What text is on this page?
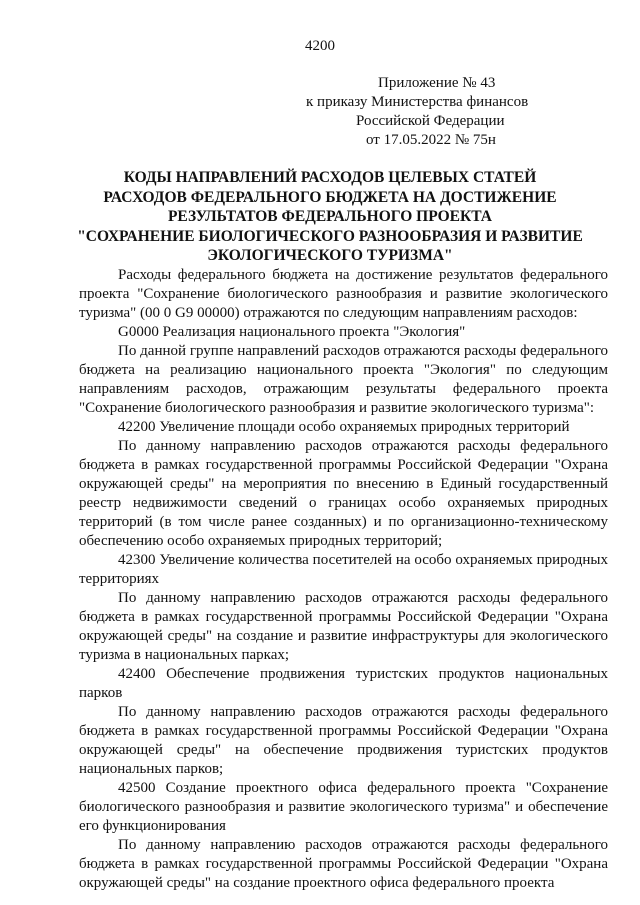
4200
Приложение № 43
к приказу Министерства финансов
Российской Федерации
от 17.05.2022 № 75н
КОДЫ НАПРАВЛЕНИЙ РАСХОДОВ ЦЕЛЕВЫХ СТАТЕЙ
РАСХОДОВ ФЕДЕРАЛЬНОГО БЮДЖЕТА НА ДОСТИЖЕНИЕ
РЕЗУЛЬТАТОВ ФЕДЕРАЛЬНОГО ПРОЕКТА
"СОХРАНЕНИЕ БИОЛОГИЧЕСКОГО РАЗНООБРАЗИЯ И РАЗВИТИЕ
ЭКОЛОГИЧЕСКОГО ТУРИЗМА"

Расходы федерального бюджета на достижение результатов федерального проекта "Сохранение биологического разнообразия и развитие экологического туризма" (00 0 G9 00000) отражаются по следующим направлениям расходов:

G0000 Реализация национального проекта "Экология"

По данной группе направлений расходов отражаются расходы федерального бюджета на реализацию национального проекта "Экология" по следующим направлениям расходов, отражающим результаты федерального проекта "Сохранение биологического разнообразия и развитие экологического туризма":

42200 Увеличение площади особо охраняемых природных территорий

По данному направлению расходов отражаются расходы федерального бюджета в рамках государственной программы Российской Федерации "Охрана окружающей среды" на мероприятия по внесению в Единый государственный реестр недвижимости сведений о границах особо охраняемых природных территорий (в том числе ранее созданных) и по организационно-техническому обеспечению особо охраняемых природных территорий;

42300 Увеличение количества посетителей на особо охраняемых природных территориях

По данному направлению расходов отражаются расходы федерального бюджета в рамках государственной программы Российской Федерации "Охрана окружающей среды" на создание и развитие инфраструктуры для экологического туризма в национальных парках;

42400 Обеспечение продвижения туристских продуктов национальных парков

По данному направлению расходов отражаются расходы федерального бюджета в рамках государственной программы Российской Федерации "Охрана окружающей среды" на обеспечение продвижения туристских продуктов национальных парков;

42500 Создание проектного офиса федерального проекта "Сохранение биологического разнообразия и развитие экологического туризма" и обеспечение его функционирования

По данному направлению расходов отражаются расходы федерального бюджета в рамках государственной программы Российской Федерации "Охрана окружающей среды" на создание проектного офиса федерального проекта
